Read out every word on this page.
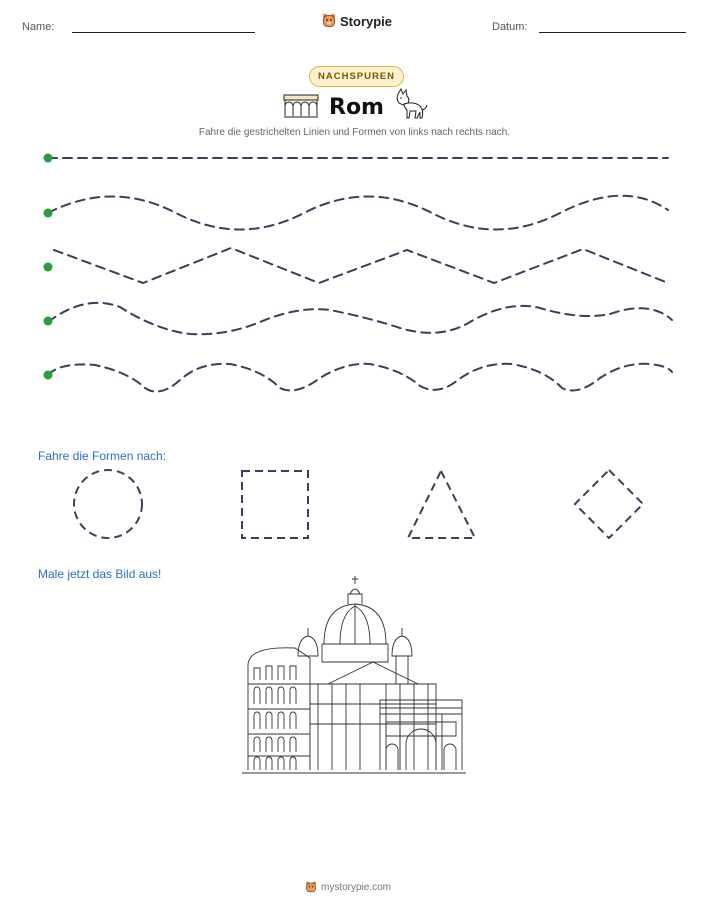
Name:	Storypie	Datum:
NACHSPUREN
Rom
Fahre die gestrichelten Linien und Formen von links nach rechts nach.
Fahre die Formen nach:
Male jetzt das Bild aus!
mystorypie.com
